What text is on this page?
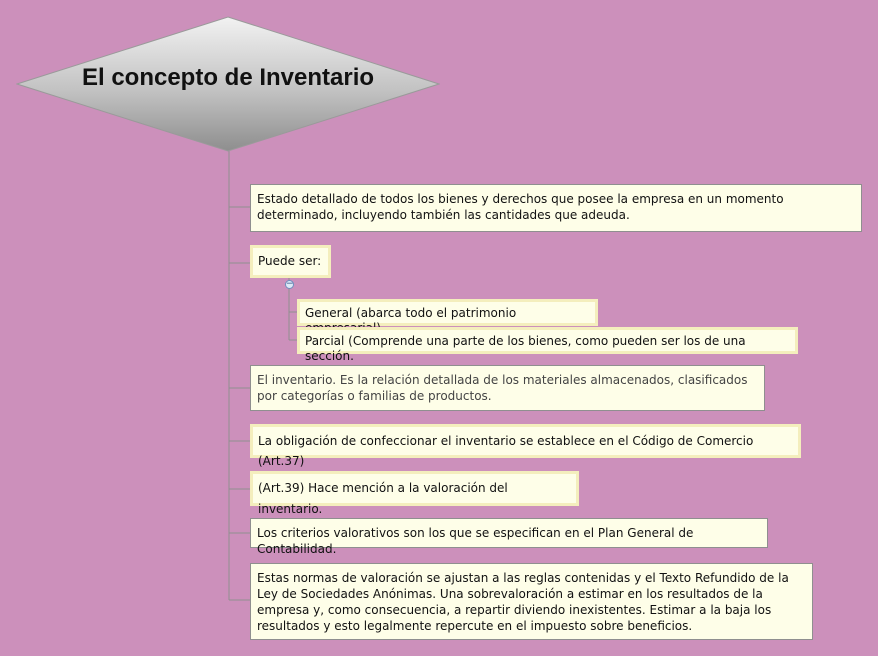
El concepto de Inventario
Estado detallado de todos los bienes y derechos que posee la empresa en un momento determinado, incluyendo también las cantidades que adeuda.
Puede ser:
−
General (abarca todo el patrimonio
Parcial (Comprende una parte de los bienes, como pueden ser los de una sección.
El inventario. Es la relación detallada de los materiales almacenados, clasificados por categorías o familias de productos.
La obligación de confeccionar el inventario se establece en el Código de Comercio (Art.37)
(Art.39) Hace mención a la valoración del inventario.
Los criterios valorativos son los que se especifican en el Plan General de Contabilidad.
Estas normas de valoración se ajustan a las reglas contenidas y el Texto Refundido de la Ley de Sociedades Anónimas. Una sobrevaloración a estimar en los resultados de la empresa y, como consecuencia, a repartir diviendo inexistentes. Estimar a la baja los resultados y esto legalmente repercute en el impuesto sobre beneficios.
